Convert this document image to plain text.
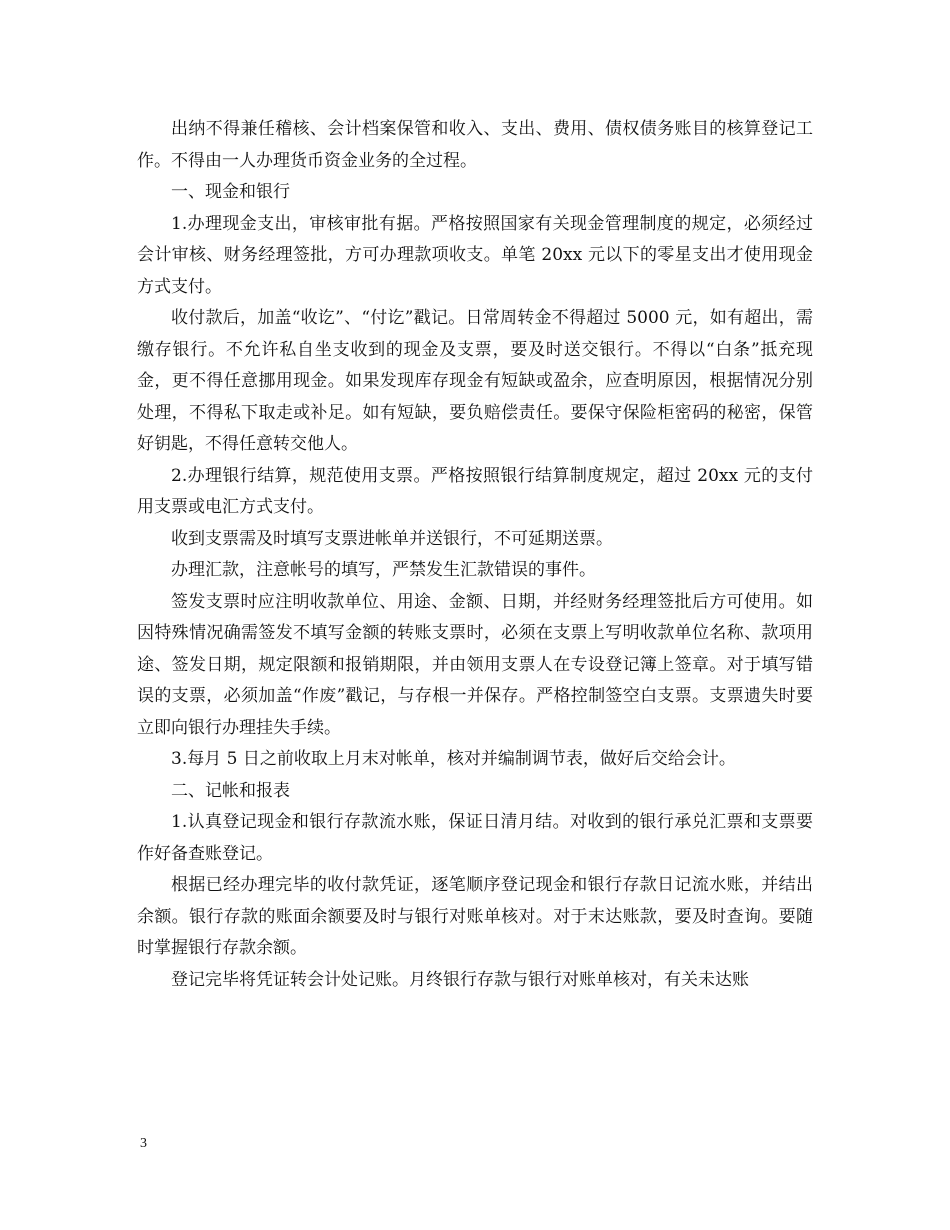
出纳不得兼任稽核、会计档案保管和收入、支出、费用、债权债务账目的核算登记工作。不得由一人办理货币资金业务的全过程。

一、现金和银行

1.办理现金支出，审核审批有据。严格按照国家有关现金管理制度的规定，必须经过会计审核、财务经理签批，方可办理款项收支。单笔 20xx 元以下的零星支出才使用现金方式支付。

收付款后，加盖“收讫”、“付讫”戳记。日常周转金不得超过 5000 元，如有超出，需缴存银行。不允许私自坐支收到的现金及支票，要及时送交银行。不得以“白条”抵充现金，更不得任意挪用现金。如果发现库存现金有短缺或盈余，应查明原因，根据情况分别处理，不得私下取走或补足。如有短缺，要负赔偿责任。要保守保险柜密码的秘密，保管好钥匙，不得任意转交他人。

2.办理银行结算，规范使用支票。严格按照银行结算制度规定，超过 20xx 元的支付用支票或电汇方式支付。

收到支票需及时填写支票进帐单并送银行，不可延期送票。

办理汇款，注意帐号的填写，严禁发生汇款错误的事件。

签发支票时应注明收款单位、用途、金额、日期，并经财务经理签批后方可使用。如因特殊情况确需签发不填写金额的转账支票时，必须在支票上写明收款单位名称、款项用途、签发日期，规定限额和报销期限，并由领用支票人在专设登记簿上签章。对于填写错误的支票，必须加盖“作废”戳记，与存根一并保存。严格控制签空白支票。支票遗失时要立即向银行办理挂失手续。

3.每月 5 日之前收取上月末对帐单，核对并编制调节表，做好后交给会计。

二、记帐和报表

1.认真登记现金和银行存款流水账，保证日清月结。对收到的银行承兑汇票和支票要作好备查账登记。

根据已经办理完毕的收付款凭证，逐笔顺序登记现金和银行存款日记流水账，并结出余额。银行存款的账面余额要及时与银行对账单核对。对于末达账款，要及时查询。要随时掌握银行存款余额。

登记完毕将凭证转会计处记账。月终银行存款与银行对账单核对，有关未达账

3
